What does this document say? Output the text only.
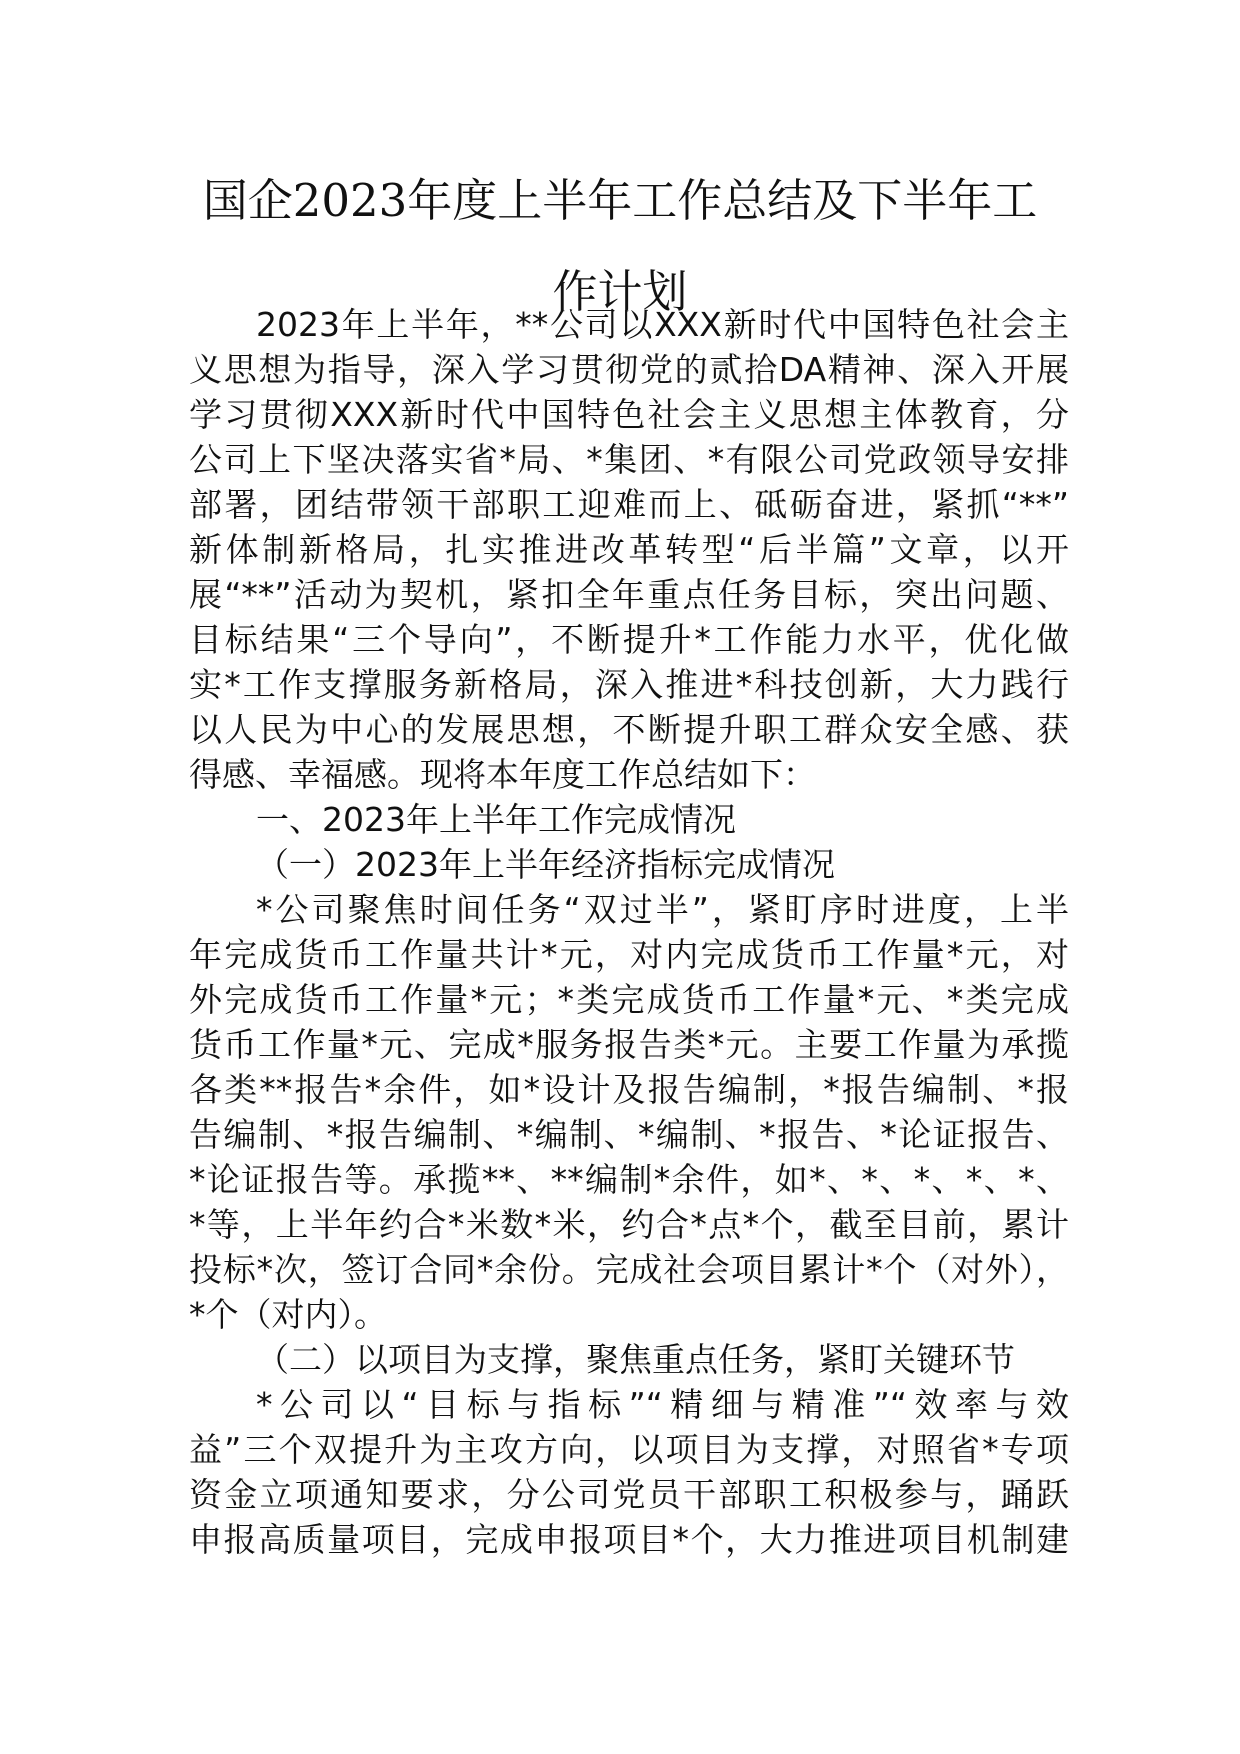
国企2023年度上半年工作总结及下半年工
作计划
2023年上半年，**公司以XXX新时代中国特色社会主
义思想为指导，深入学习贯彻党的贰拾DA精神、深入开展
学习贯彻XXX新时代中国特色社会主义思想主体教育，分
公司上下坚决落实省*局、*集团、*有限公司党政领导安排
部署，团结带领干部职工迎难而上、砥砺奋进，紧抓“**”
新体制新格局，扎实推进改革转型“后半篇”文章，以开
展“**”活动为契机，紧扣全年重点任务目标，突出问题、
目标结果“三个导向”，不断提升*工作能力水平，优化做
实*工作支撑服务新格局，深入推进*科技创新，大力践行
以人民为中心的发展思想，不断提升职工群众安全感、获
得感、幸福感。现将本年度工作总结如下：
一、2023年上半年工作完成情况
（一）2023年上半年经济指标完成情况
*公司聚焦时间任务“双过半”，紧盯序时进度，上半
年完成货币工作量共计*元，对内完成货币工作量*元，对
外完成货币工作量*元；*类完成货币工作量*元、*类完成
货币工作量*元、完成*服务报告类*元。主要工作量为承揽
各类**报告*余件，如*设计及报告编制，*报告编制、*报
告编制、*报告编制、*编制、*编制、*报告、*论证报告、
*论证报告等。承揽**、**编制*余件，如*、*、*、*、*、
*等，上半年约合*米数*米，约合*点*个，截至目前，累计
投标*次，签订合同*余份。完成社会项目累计*个（对外），
*个（对内）。
（二）以项目为支撑，聚焦重点任务，紧盯关键环节
*公司以“目标与指标”“精细与精准”“效率与效
益”三个双提升为主攻方向，以项目为支撑，对照省*专项
资金立项通知要求，分公司党员干部职工积极参与，踊跃
申报高质量项目，完成申报项目*个，大力推进项目机制建
